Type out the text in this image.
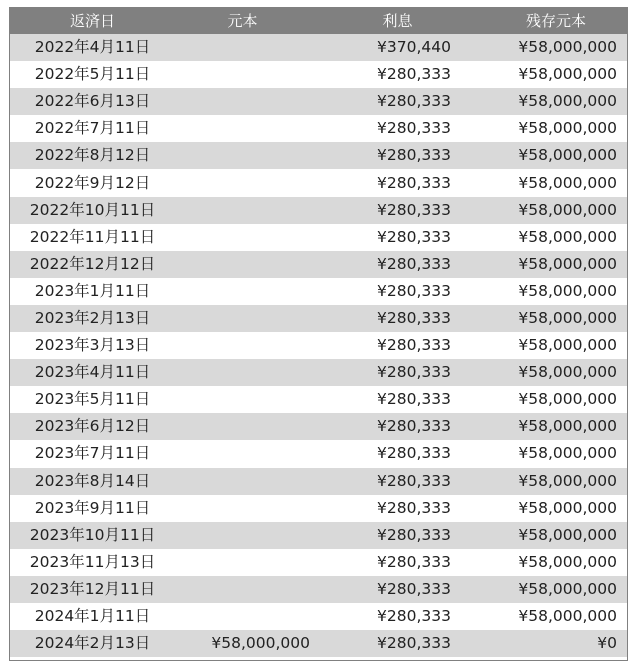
返済日	元本	利息	残存元本
2022年4月11日		¥370,440	¥58,000,000
2022年5月11日		¥280,333	¥58,000,000
2022年6月13日		¥280,333	¥58,000,000
2022年7月11日		¥280,333	¥58,000,000
2022年8月12日		¥280,333	¥58,000,000
2022年9月12日		¥280,333	¥58,000,000
2022年10月11日		¥280,333	¥58,000,000
2022年11月11日		¥280,333	¥58,000,000
2022年12月12日		¥280,333	¥58,000,000
2023年1月11日		¥280,333	¥58,000,000
2023年2月13日		¥280,333	¥58,000,000
2023年3月13日		¥280,333	¥58,000,000
2023年4月11日		¥280,333	¥58,000,000
2023年5月11日		¥280,333	¥58,000,000
2023年6月12日		¥280,333	¥58,000,000
2023年7月11日		¥280,333	¥58,000,000
2023年8月14日		¥280,333	¥58,000,000
2023年9月11日		¥280,333	¥58,000,000
2023年10月11日		¥280,333	¥58,000,000
2023年11月13日		¥280,333	¥58,000,000
2023年12月11日		¥280,333	¥58,000,000
2024年1月11日		¥280,333	¥58,000,000
2024年2月13日	¥58,000,000	¥280,333	¥0
